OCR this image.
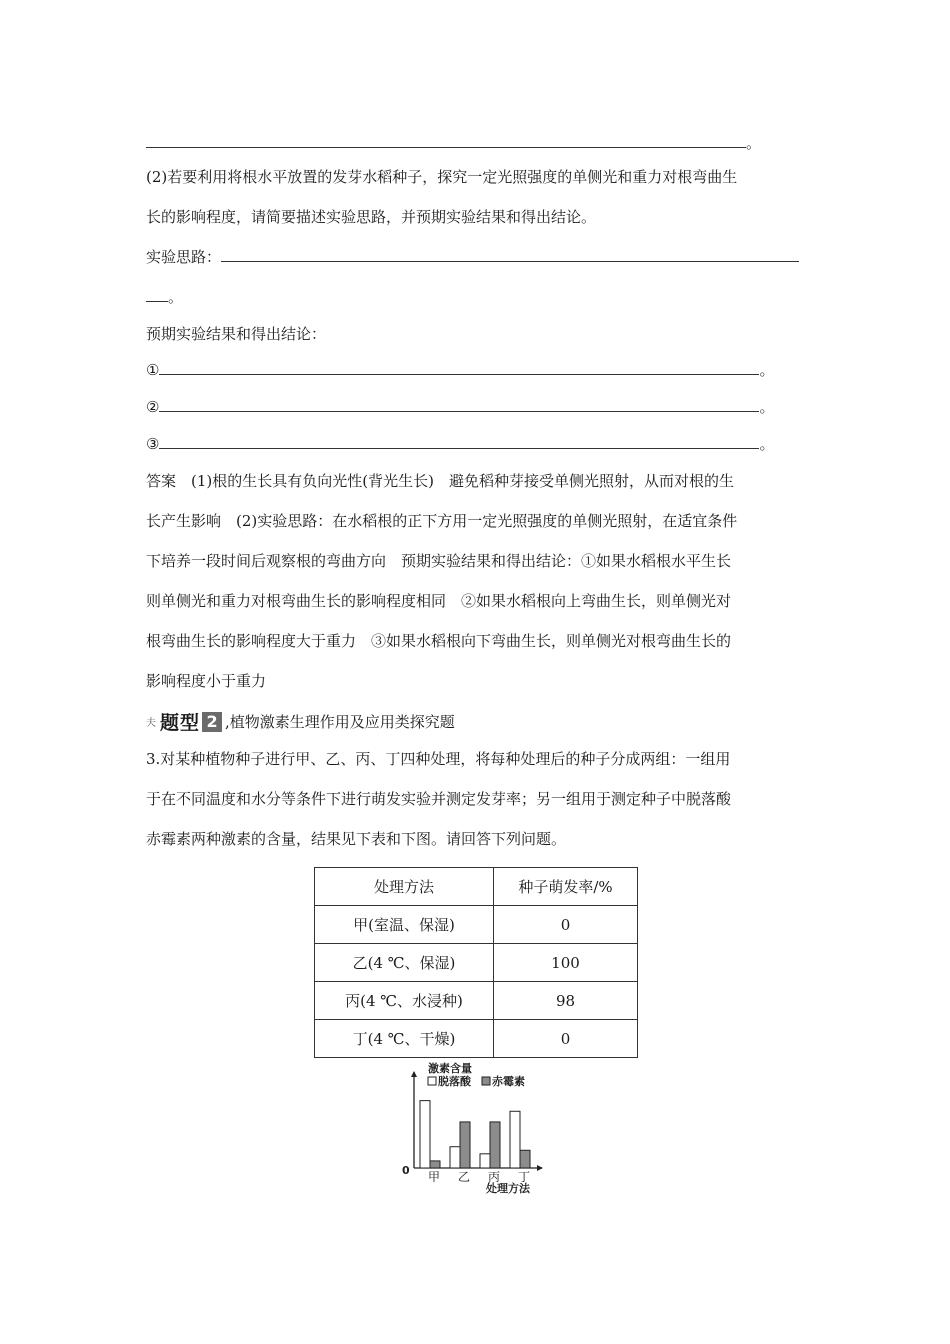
。
(2)若要利用将根水平放置的发芽水稻种子，探究一定光照强度的单侧光和重力对根弯曲生
长的影响程度，请简要描述实验思路，并预期实验结果和得出结论。
实验思路：
。
预期实验结果和得出结论：
①	。
②	。
③	。
答案　(1)根的生长具有负向光性(背光生长)　避免稻种芽接受单侧光照射，从而对根的生
长产生影响　(2)实验思路：在水稻根的正下方用一定光照强度的单侧光照射，在适宜条件
下培养一段时间后观察根的弯曲方向　预期实验结果和得出结论：①如果水稻根水平生长
则单侧光和重力对根弯曲生长的影响程度相同　②如果水稻根向上弯曲生长，则单侧光对
根弯曲生长的影响程度大于重力　③如果水稻根向下弯曲生长，则单侧光对根弯曲生长的
影响程度小于重力
夫 题型 2 ,植物激素生理作用及应用类探究题
3.对某种植物种子进行甲、乙、丙、丁四种处理，将每种处理后的种子分成两组：一组用
于在不同温度和水分等条件下进行萌发实验并测定发芽率；另一组用于测定种子中脱落酸
赤霉素两种激素的含量，结果见下表和下图。请回答下列问题。
处理方法	种子萌发率/%
甲(室温、保湿)	0
乙(4 ℃、保湿)	100
丙(4 ℃、水浸种)	98
丁(4 ℃、干燥)	0
激素含量
处理方法
0
脱落酸 赤霉素
甲 乙 丙 丁
